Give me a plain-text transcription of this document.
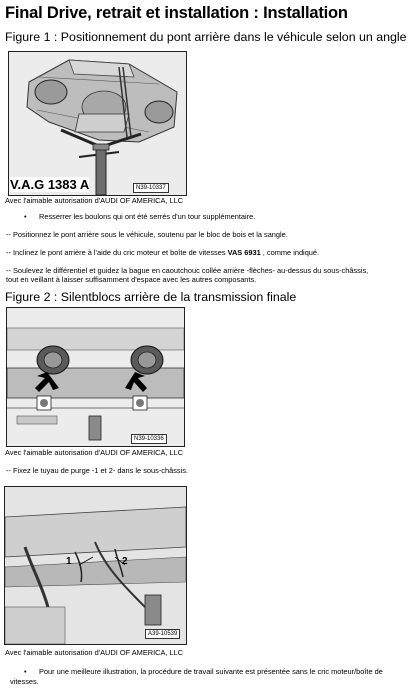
Final Drive, retrait et installation : Installation
Figure 1 : Positionnement du pont arrière dans le véhicule selon un angle
V.A.G 1383 A	N39-10337
Avec l'aimable autorisation d'AUDI OF AMERICA, LLC
• Resserrer les boulons qui ont été serrés d'un tour supplémentaire.
-- Positionnez le pont arrière sous le véhicule, soutenu par le bloc de bois et la sangle.
-- Inclinez le pont arrière à l'aide du cric moteur et boîte de vitesses VAS 6931 , comme indiqué.
-- Soulevez le différentiel et guidez la bague en caoutchouc collée arrière -flèches- au-dessus du sous-châssis,
tout en veillant à laisser suffisamment d'espace avec les autres composants.
Figure 2 : Silentblocs arrière de la transmission finale
N39-10336
Avec l'aimable autorisation d'AUDI OF AMERICA, LLC
-- Fixez le tuyau de purge -1 et 2- dans le sous-châssis.
1	2
A39-10539
Avec l'aimable autorisation d'AUDI OF AMERICA, LLC
• Pour une meilleure illustration, la procédure de travail suivante est présentée sans le cric moteur/boîte de
vitesses.
